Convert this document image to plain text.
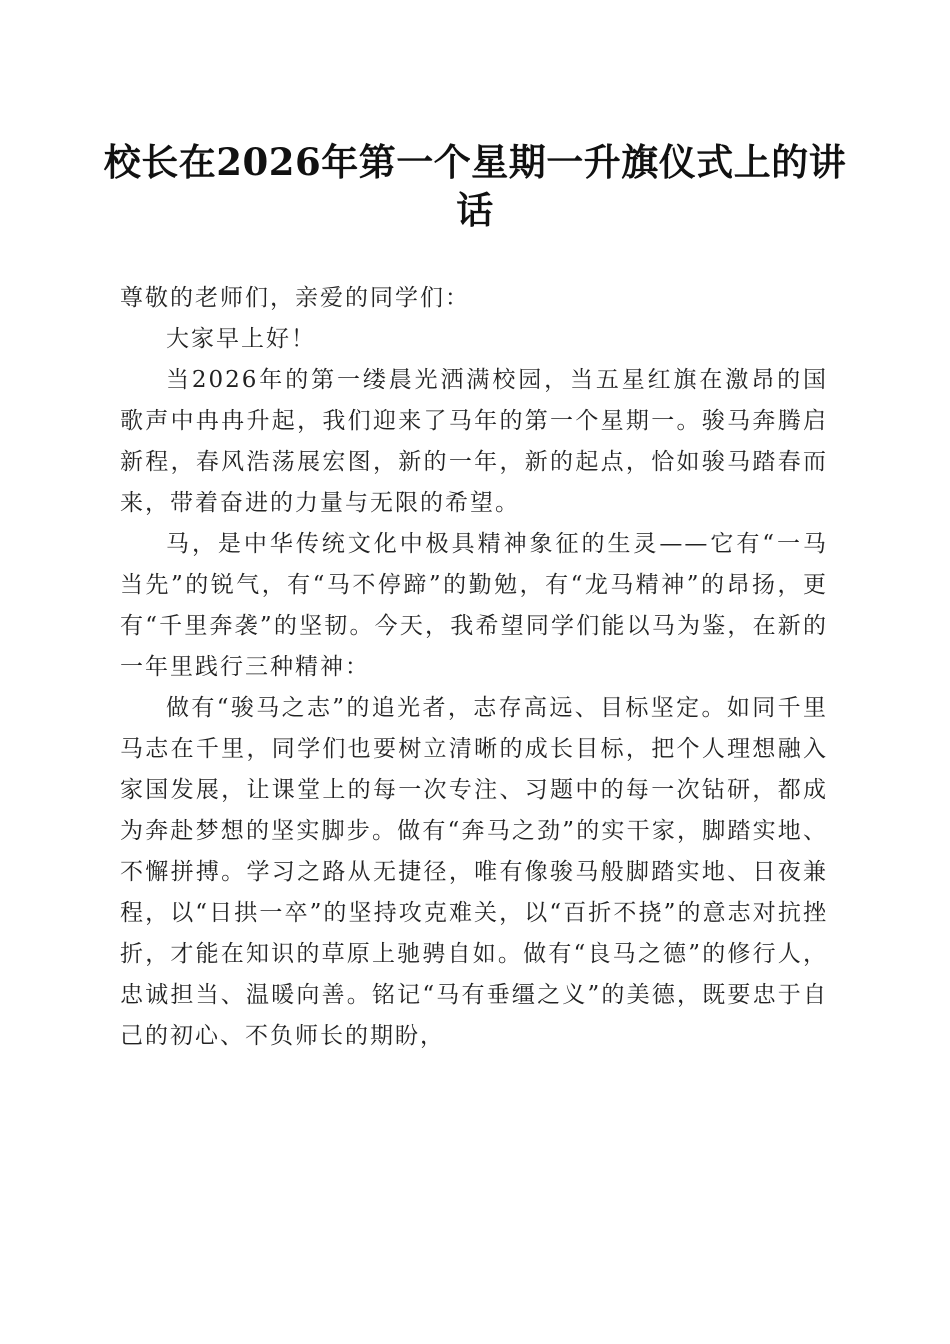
校长在2026年第一个星期一升旗仪式上的讲话

尊敬的老师们，亲爱的同学们：

大家早上好！

当2026年的第一缕晨光洒满校园，当五星红旗在激昂的国歌声中冉冉升起，我们迎来了马年的第一个星期一。骏马奔腾启新程，春风浩荡展宏图，新的一年，新的起点，恰如骏马踏春而来，带着奋进的力量与无限的希望。

马，是中华传统文化中极具精神象征的生灵——它有“一马当先”的锐气，有“马不停蹄”的勤勉，有“龙马精神”的昂扬，更有“千里奔袭”的坚韧。今天，我希望同学们能以马为鉴，在新的一年里践行三种精神：

做有“骏马之志”的追光者，志存高远、目标坚定。如同千里马志在千里，同学们也要树立清晰的成长目标，把个人理想融入家国发展，让课堂上的每一次专注、习题中的每一次钻研，都成为奔赴梦想的坚实脚步。做有“奔马之劲”的实干家，脚踏实地、不懈拼搏。学习之路从无捷径，唯有像骏马般脚踏实地、日夜兼程，以“日拱一卒”的坚持攻克难关，以“百折不挠”的意志对抗挫折，才能在知识的草原上驰骋自如。做有“良马之德”的修行人，忠诚担当、温暖向善。铭记“马有垂缰之义”的美德，既要忠于自己的初心、不负师长的期盼，
